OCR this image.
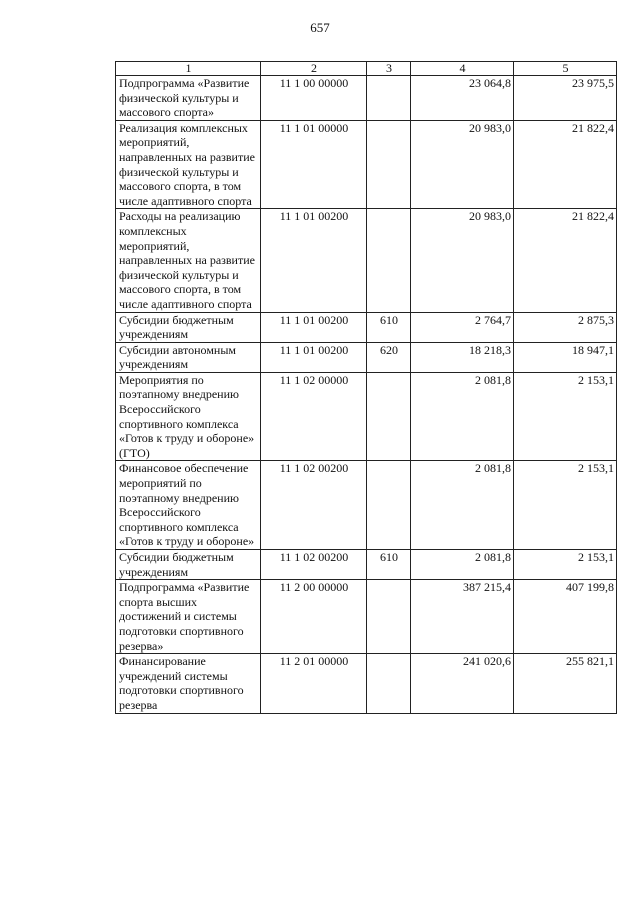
657
1	2	3	4	5
Подпрограмма «Развитие физической культуры и массового спорта»	11 1 00 00000		23 064,8	23 975,5
Реализация комплексных мероприятий, направленных на развитие физической культуры и массового спорта, в том числе адаптивного спорта	11 1 01 00000		20 983,0	21 822,4
Расходы на реализацию комплексных мероприятий, направленных на развитие физической культуры и массового спорта, в том числе адаптивного спорта	11 1 01 00200		20 983,0	21 822,4
Субсидии бюджетным учреждениям	11 1 01 00200	610	2 764,7	2 875,3
Субсидии автономным учреждениям	11 1 01 00200	620	18 218,3	18 947,1
Мероприятия по поэтапному внедрению Всероссийского спортивного комплекса «Готов к труду и обороне» (ГТО)	11 1 02 00000		2 081,8	2 153,1
Финансовое обеспечение мероприятий по поэтапному внедрению Всероссийского спортивного комплекса «Готов к труду и обороне»	11 1 02 00200		2 081,8	2 153,1
Субсидии бюджетным учреждениям	11 1 02 00200	610	2 081,8	2 153,1
Подпрограмма «Развитие спорта высших достижений и системы подготовки спортивного резерва»	11 2 00 00000		387 215,4	407 199,8
Финансирование учреждений системы подготовки спортивного резерва	11 2 01 00000		241 020,6	255 821,1
